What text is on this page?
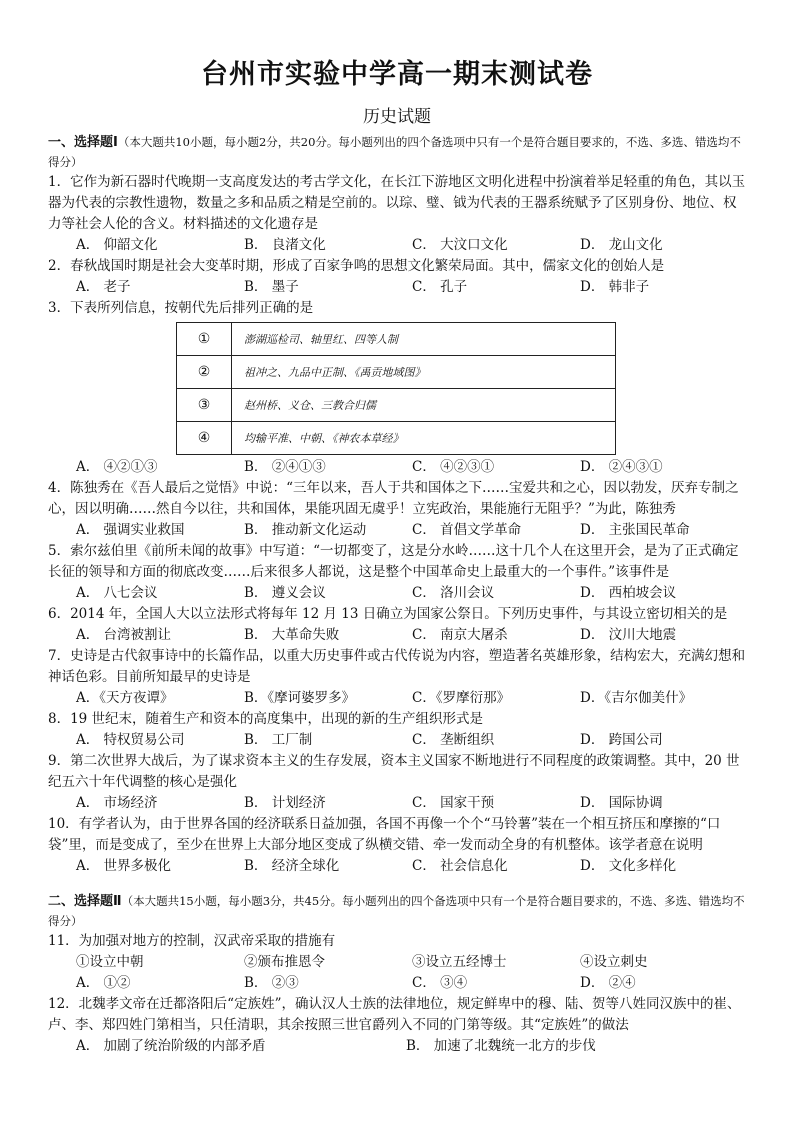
台州市实验中学高一期末测试卷
历史试题
一、选择题Ⅰ（本大题共10小题，每小题2分，共20分。每小题列出的四个备选项中只有一个是符合题目要求的，不选、多选、错选均不得分）
1．它作为新石器时代晚期一支高度发达的考古学文化，在长江下游地区文明化进程中扮演着举足轻重的角色，其以玉器为代表的宗教性遗物，数量之多和品质之精是空前的。以琮、璧、钺为代表的王器系统赋予了区别身份、地位、权力等社会人伦的含义。材料描述的文化遗存是
A． 仰韶文化	B． 良渚文化	C． 大汶口文化	D． 龙山文化
2．春秋战国时期是社会大变革时期，形成了百家争鸣的思想文化繁荣局面。其中，儒家文化的创始人是
A． 老子	B． 墨子	C． 孔子	D． 韩非子
3．下表所列信息，按朝代先后排列正确的是
①	澎湖巡检司、轴里红、四等人制
②	祖冲之、九品中正制、《禹贡地域图》
③	赵州桥、义仓、三教合归儒
④	均输平准、中朝、《神农本草经》
A． ④②①③	B． ②④①③	C． ④②③①	D． ②④③①
4．陈独秀在《吾人最后之觉悟》中说：“三年以来，吾人于共和国体之下……宝爱共和之心，因以勃发，厌弃专制之心，因以明确……然自今以往，共和国体，果能巩固无虞乎！立宪政治，果能施行无阻乎？”为此，陈独秀
A． 强调实业救国	B． 推动新文化运动	C． 首倡文学革命	D． 主张国民革命
5．索尔兹伯里《前所未闻的故事》中写道：“一切都变了，这是分水岭……这十几个人在这里开会，是为了正式确定长征的领导和方面的彻底改变……后来很多人都说，这是整个中国革命史上最重大的一个事件。”该事件是
A． 八七会议	B． 遵义会议	C． 洛川会议	D． 西柏坡会议
6．2014 年，全国人大以立法形式将每年 12 月 13 日确立为国家公祭日。下列历史事件，与其设立密切相关的是
A． 台湾被割让	B． 大革命失败	C． 南京大屠杀	D． 汶川大地震
7．史诗是古代叙事诗中的长篇作品，以重大历史事件或古代传说为内容，塑造著名英雄形象，结构宏大，充满幻想和神话色彩。目前所知最早的史诗是
A．《天方夜谭》	B．《摩诃婆罗多》	C．《罗摩衍那》	D．《吉尔伽美什》
8．19 世纪末，随着生产和资本的高度集中，出现的新的生产组织形式是
A． 特权贸易公司	B． 工厂制	C． 垄断组织	D． 跨国公司
9．第二次世界大战后，为了谋求资本主义的生存发展，资本主义国家不断地进行不同程度的政策调整。其中，20 世纪五六十年代调整的核心是强化
A． 市场经济	B． 计划经济	C． 国家干预	D． 国际协调
10．有学者认为，由于世界各国的经济联系日益加强，各国不再像一个个“马铃薯”装在一个相互挤压和摩擦的“口袋”里，而是变成了，至少在世界上大部分地区变成了纵横交错、牵一发而动全身的有机整体。该学者意在说明
A． 世界多极化	B． 经济全球化	C． 社会信息化	D． 文化多样化
二、选择题Ⅱ（本大题共15小题，每小题3分，共45分。每小题列出的四个备选项中只有一个是符合题目要求的，不选、多选、错选均不得分）
11．为加强对地方的控制，汉武帝采取的措施有
①设立中朝	②颁布推恩令	③设立五经博士	④设立刺史
A． ①②	B． ②③	C． ③④	D． ②④
12．北魏孝文帝在迁都洛阳后“定族姓”，确认汉人士族的法律地位，规定鲜卑中的穆、陆、贺等八姓同汉族中的崔、卢、李、郑四姓门第相当，只任清职，其余按照三世官爵列入不同的门第等级。其“定族姓”的做法
A． 加剧了统治阶级的内部矛盾	B． 加速了北魏统一北方的步伐
